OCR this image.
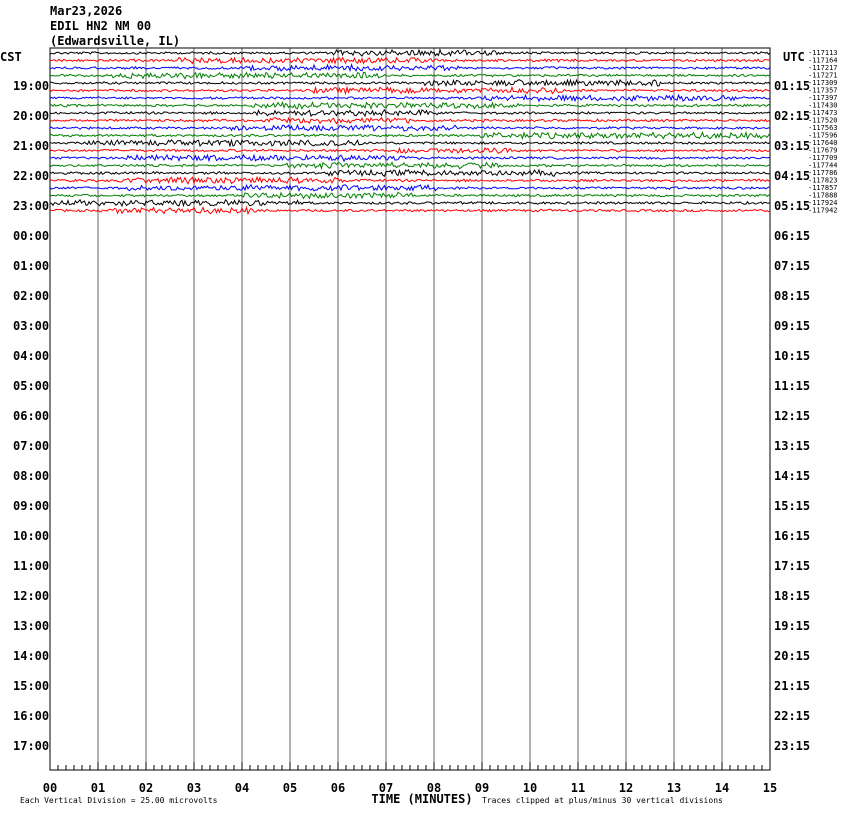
Mar23,2026
EDIL HN2 NM 00
(Edwardsville, IL)
00	01	02	03	04	05	06	07	08	09	10	11	12	13	14	15
TIME (MINUTES)
CST	UTC
19:00
20:00
21:00
22:00
23:00
00:00
01:00
02:00
03:00
04:00
05:00
06:00
07:00
08:00
09:00
10:00
11:00
12:00
13:00
14:00
15:00
16:00
17:00
01:15
02:15
03:15
04:15
05:15
06:15
07:15
08:15
09:15
10:15
11:15
12:15
13:15
14:15
15:15
16:15
17:15
18:15
19:15
20:15
21:15
22:15
23:15
-117113
-117164
-117217
-117271
-117309
-117357
-117397
-117430
-117473
-117520
-117563
-117596
-117640
-117679
-117709
-117744
-117786
-117823
-117857
-117888
-117924
-117942
Each Vertical Division = 25.00 microvolts	Traces clipped at plus/minus 30 vertical divisions
